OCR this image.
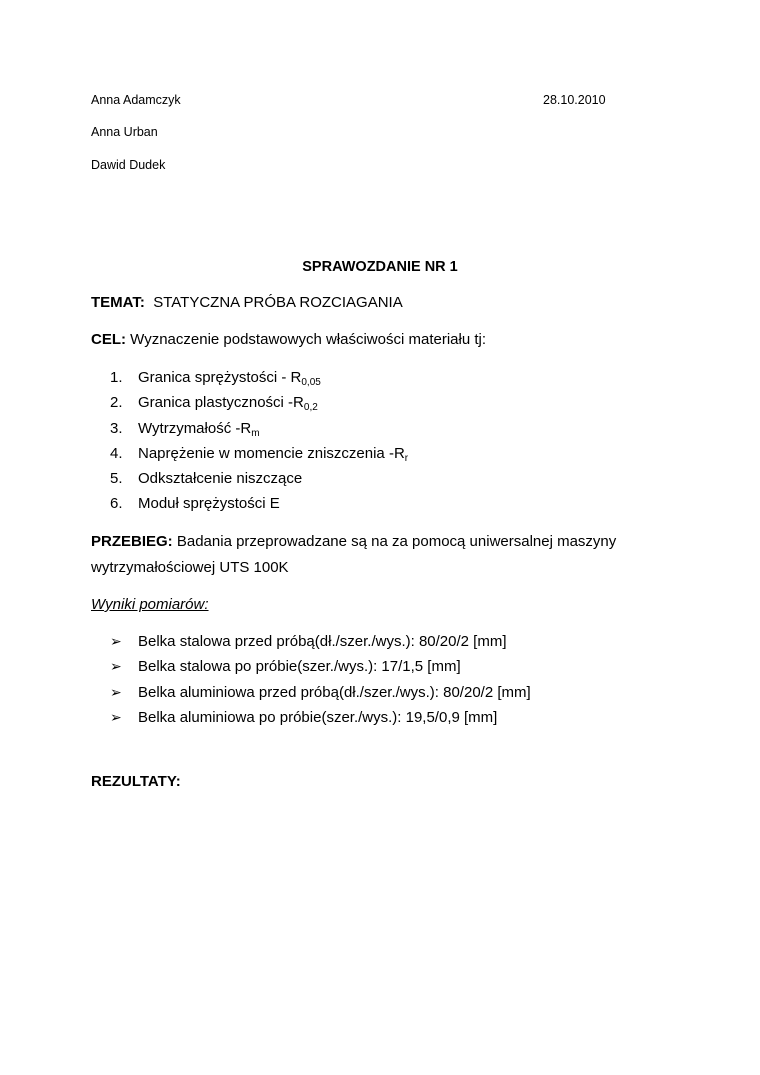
Anna Adamczyk
Anna Urban
Dawid Dudek
28.10.2010
SPRAWOZDANIE NR 1
TEMAT: STATYCZNA PRÓBA ROZCIAGANIA
CEL: Wyznaczenie podstawowych właściwości materiału tj:
1. Granica sprężystości - $R_{0,05}$
2. Granica plastyczności $-R_{0,2}$
3. Wytrzymałość $-R_m$
4. Naprężenie w momencie zniszczenia $-R_r$
5. Odkształcenie niszczące
6. Moduł sprężystości E
PRZEBIEG: Badania przeprowadzane są na za pomocą uniwersalnej maszyny
wytrzymałościowej UTS 100K
Wyniki pomiarów:
➢ Belka stalowa przed próbą(dł./szer./wys.): 80/20/2 [mm]
➢ Belka stalowa po próbie(szer./wys.): 17/1,5 [mm]
➢ Belka aluminiowa przed próbą(dł./szer./wys.): 80/20/2 [mm]
➢ Belka aluminiowa po próbie(szer./wys.): 19,5/0,9 [mm]
REZULTATY:
